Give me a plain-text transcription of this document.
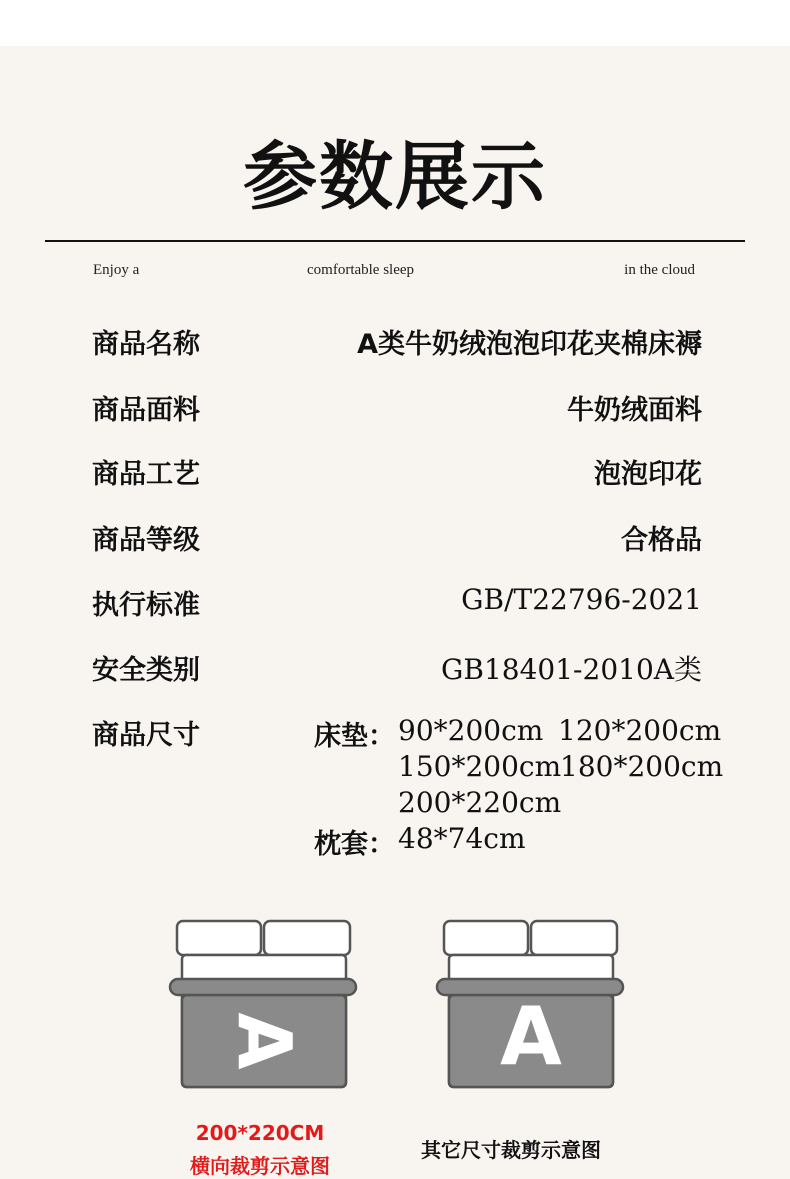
参数展示
Enjoy a	comfortable sleep	in the cloud
商品名称	A类牛奶绒泡泡印花夹棉床褥
商品面料	牛奶绒面料
商品工艺	泡泡印花
商品等级	合格品
执行标准	GB/T22796-2021
安全类别	GB18401-2010A类
商品尺寸	床垫： 90*200cm 120*200cm
150*200cm
180*200cm
200*220cm
枕套： 48*74cm
A A
200*220CM
横向裁剪示意图
其它尺寸裁剪示意图
